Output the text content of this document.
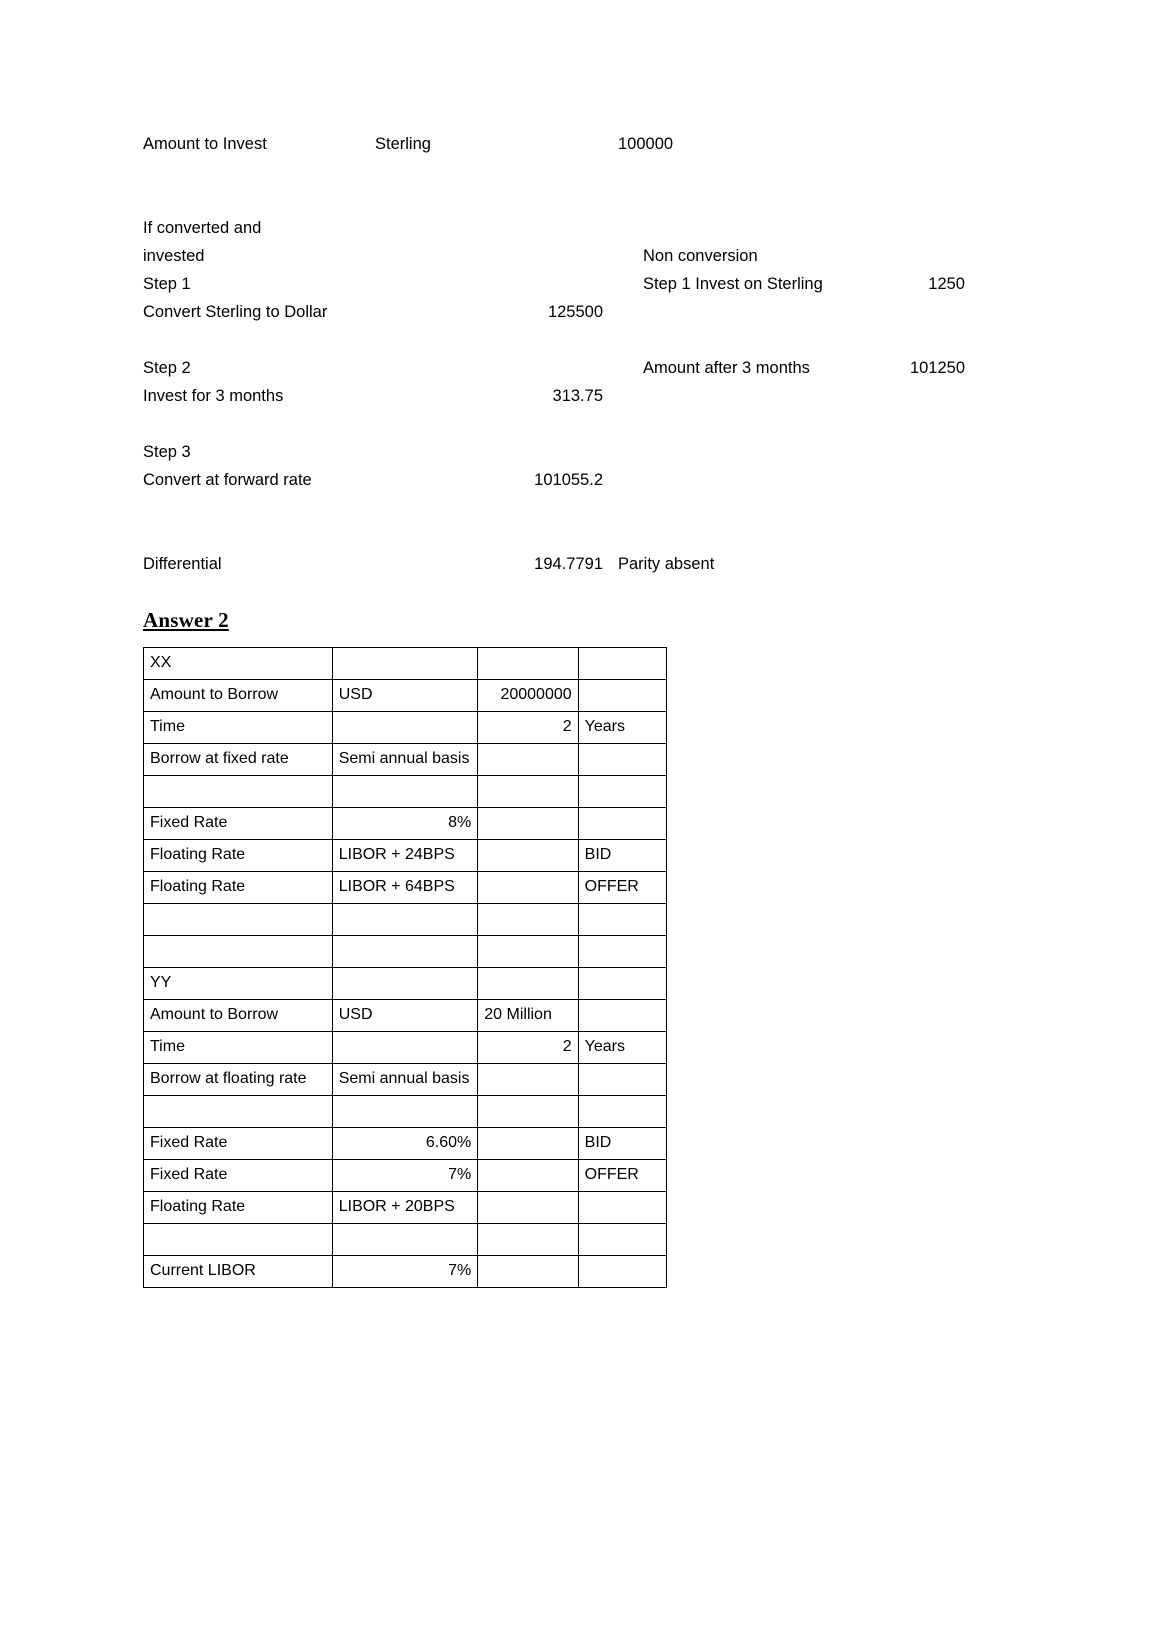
Amount to Invest	Sterling	100000
If converted and
invested	Non conversion
Step 1	Step 1 Invest on Sterling	1250
Convert Sterling to Dollar	125500
Step 2	Amount after 3 months	101250
Invest for 3 months	313.75
Step 3
Convert at forward rate	101055.2
Differential	194.7791 Parity absent
Answer 2
XX			
Amount to Borrow	USD	20000000	
Time		2	Years
Borrow at fixed rate	Semi annual basis		

Fixed Rate	8%		
Floating Rate	LIBOR + 24BPS		BID
Floating Rate	LIBOR + 64BPS		OFFER

YY			
Amount to Borrow	USD	20 Million	
Time		2	Years
Borrow at floating rate	Semi annual basis		

Fixed Rate	6.60%		BID
Fixed Rate	7%		OFFER
Floating Rate	LIBOR + 20BPS		

Current LIBOR	7%		
